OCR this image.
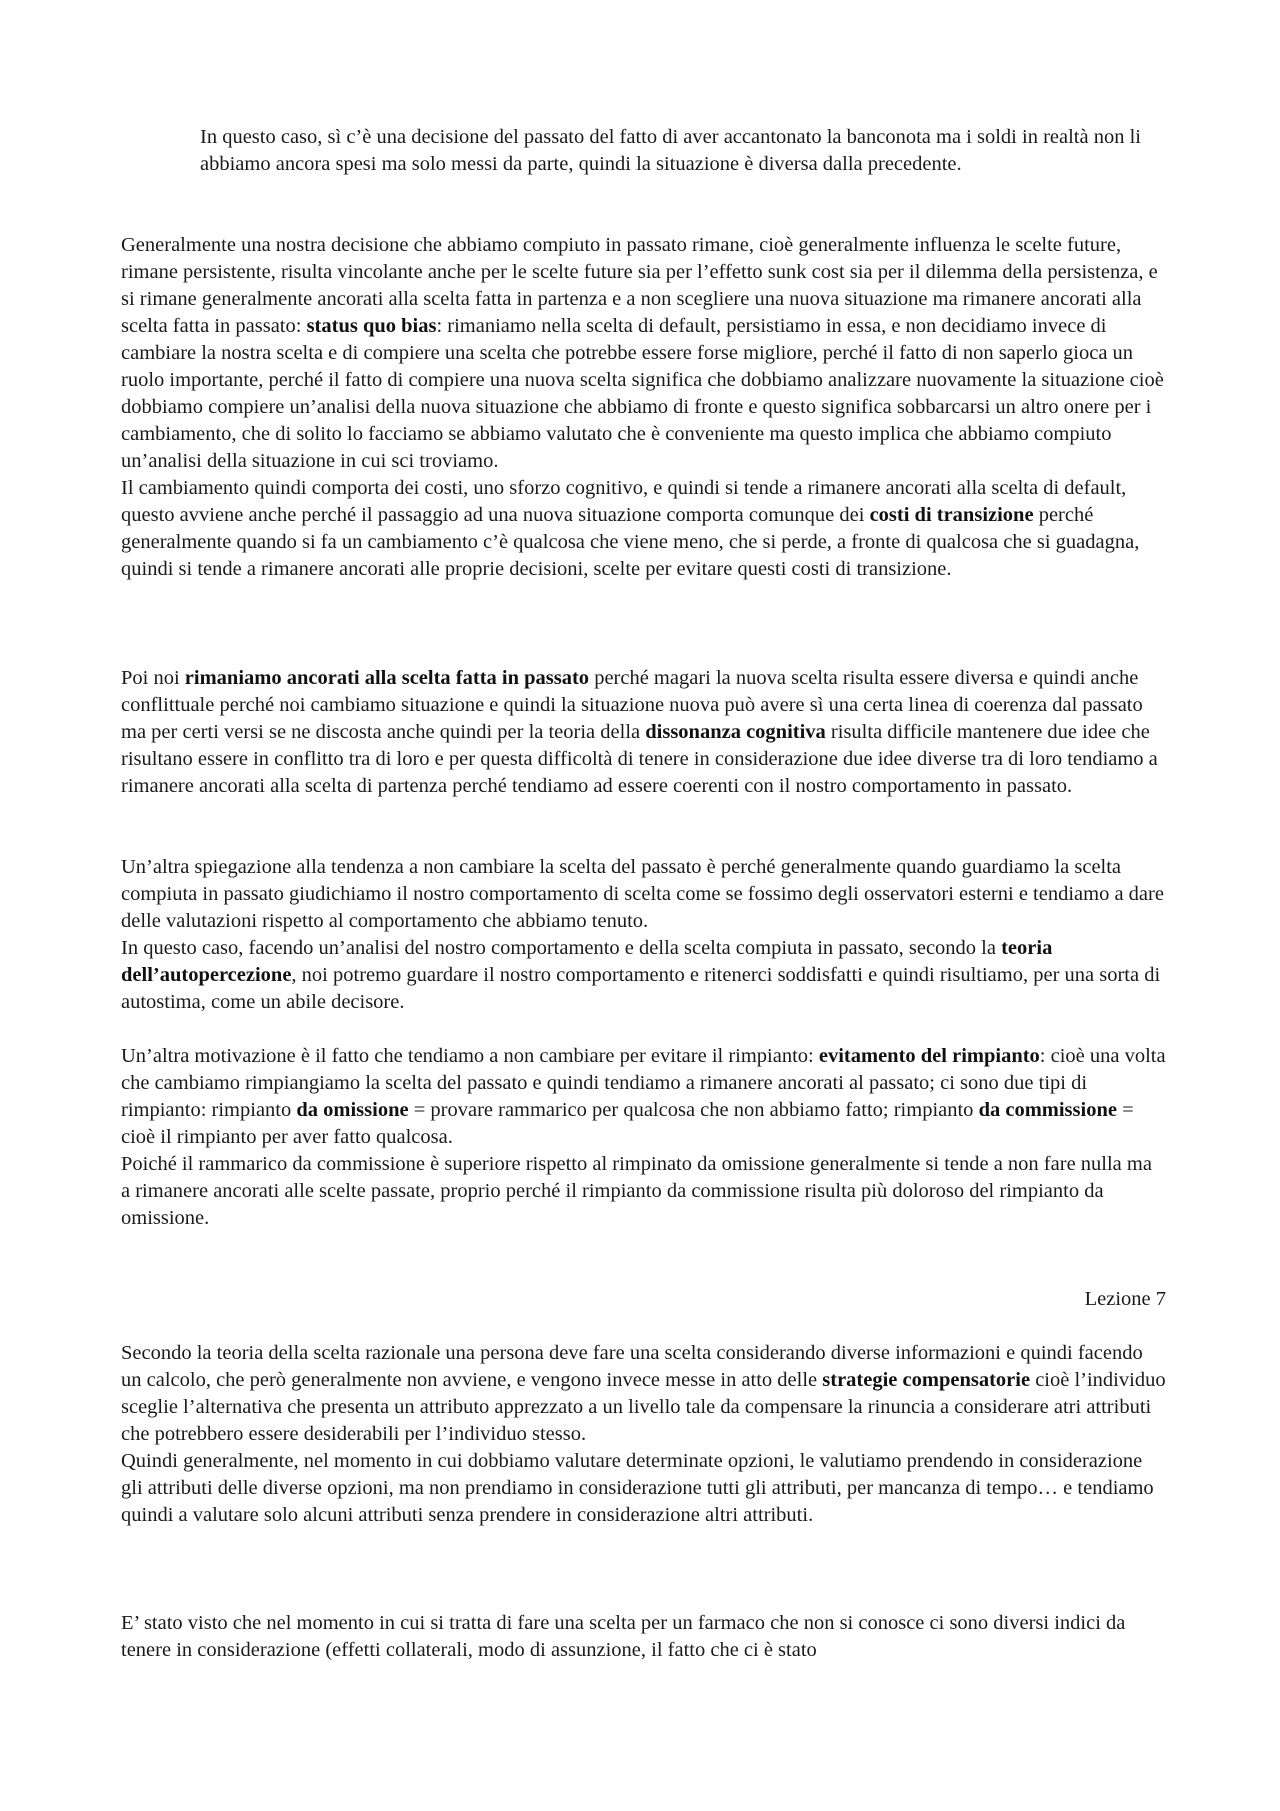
In questo caso, sì c’è una decisione del passato del fatto di aver accantonato la banconota ma i soldi in realtà non li abbiamo ancora spesi ma solo messi da parte, quindi la situazione è diversa dalla precedente.

Generalmente una nostra decisione che abbiamo compiuto in passato rimane, cioè generalmente influenza le scelte future, rimane persistente, risulta vincolante anche per le scelte future sia per l’effetto sunk cost sia per il dilemma della persistenza, e si rimane generalmente ancorati alla scelta fatta in partenza e a non scegliere una nuova situazione ma rimanere ancorati alla scelta fatta in passato: status quo bias: rimaniamo nella scelta di default, persistiamo in essa, e non decidiamo invece di cambiare la nostra scelta e di compiere una scelta che potrebbe essere forse migliore, perché il fatto di non saperlo gioca un ruolo importante, perché il fatto di compiere una nuova scelta significa che dobbiamo analizzare nuovamente la situazione cioè dobbiamo compiere un’analisi della nuova situazione che abbiamo di fronte e questo significa sobbarcarsi un altro onere per i cambiamento, che di solito lo facciamo se abbiamo valutato che è conveniente ma questo implica che abbiamo compiuto un’analisi della situazione in cui sci troviamo.

Il cambiamento quindi comporta dei costi, uno sforzo cognitivo, e quindi si tende a rimanere ancorati alla scelta di default, questo avviene anche perché il passaggio ad una nuova situazione comporta comunque dei costi di transizione perché generalmente quando si fa un cambiamento c’è qualcosa che viene meno, che si perde, a fronte di qualcosa che si guadagna, quindi si tende a rimanere ancorati alle proprie decisioni, scelte per evitare questi costi di transizione.

Poi noi rimaniamo ancorati alla scelta fatta in passato perché magari la nuova scelta risulta essere diversa e quindi anche conflittuale perché noi cambiamo situazione e quindi la situazione nuova può avere sì una certa linea di coerenza dal passato ma per certi versi se ne discosta anche quindi per la teoria della dissonanza cognitiva risulta difficile mantenere due idee che risultano essere in conflitto tra di loro e per questa difficoltà di tenere in considerazione due idee diverse tra di loro tendiamo a rimanere ancorati alla scelta di partenza perché tendiamo ad essere coerenti con il nostro comportamento in passato.

Un’altra spiegazione alla tendenza a non cambiare la scelta del passato è perché generalmente quando guardiamo la scelta compiuta in passato giudichiamo il nostro comportamento di scelta come se fossimo degli osservatori esterni e tendiamo a dare delle valutazioni rispetto al comportamento che abbiamo tenuto.

In questo caso, facendo un’analisi del nostro comportamento e della scelta compiuta in passato, secondo la teoria dell’autopercezione, noi potremo guardare il nostro comportamento e ritenerci soddisfatti e quindi risultiamo, per una sorta di autostima, come un abile decisore.

Un’altra motivazione è il fatto che tendiamo a non cambiare per evitare il rimpianto: evitamento del rimpianto: cioè una volta che cambiamo rimpiangiamo la scelta del passato e quindi tendiamo a rimanere ancorati al passato; ci sono due tipi di rimpianto: rimpianto da omissione = provare rammarico per qualcosa che non abbiamo fatto; rimpianto da commissione = cioè il rimpianto per aver fatto qualcosa.

Poiché il rammarico da commissione è superiore rispetto al rimpinato da omissione generalmente si tende a non fare nulla ma a rimanere ancorati alle scelte passate, proprio perché il rimpianto da commissione risulta più doloroso del rimpianto da omissione.

Lezione 7

Secondo la teoria della scelta razionale una persona deve fare una scelta considerando diverse informazioni e quindi facendo un calcolo, che però generalmente non avviene, e vengono invece messe in atto delle strategie compensatorie cioè l’individuo sceglie l’alternativa che presenta un attributo apprezzato a un livello tale da compensare la rinuncia a considerare atri attributi che potrebbero essere desiderabili per l’individuo stesso.

Quindi generalmente, nel momento in cui dobbiamo valutare determinate opzioni, le valutiamo prendendo in considerazione gli attributi delle diverse opzioni, ma non prendiamo in considerazione tutti gli attributi, per mancanza di tempo… e tendiamo quindi a valutare solo alcuni attributi senza prendere in considerazione altri attributi.

E’ stato visto che nel momento in cui si tratta di fare una scelta per un farmaco che non si conosce ci sono diversi indici da tenere in considerazione (effetti collaterali, modo di assunzione, il fatto che ci è stato
